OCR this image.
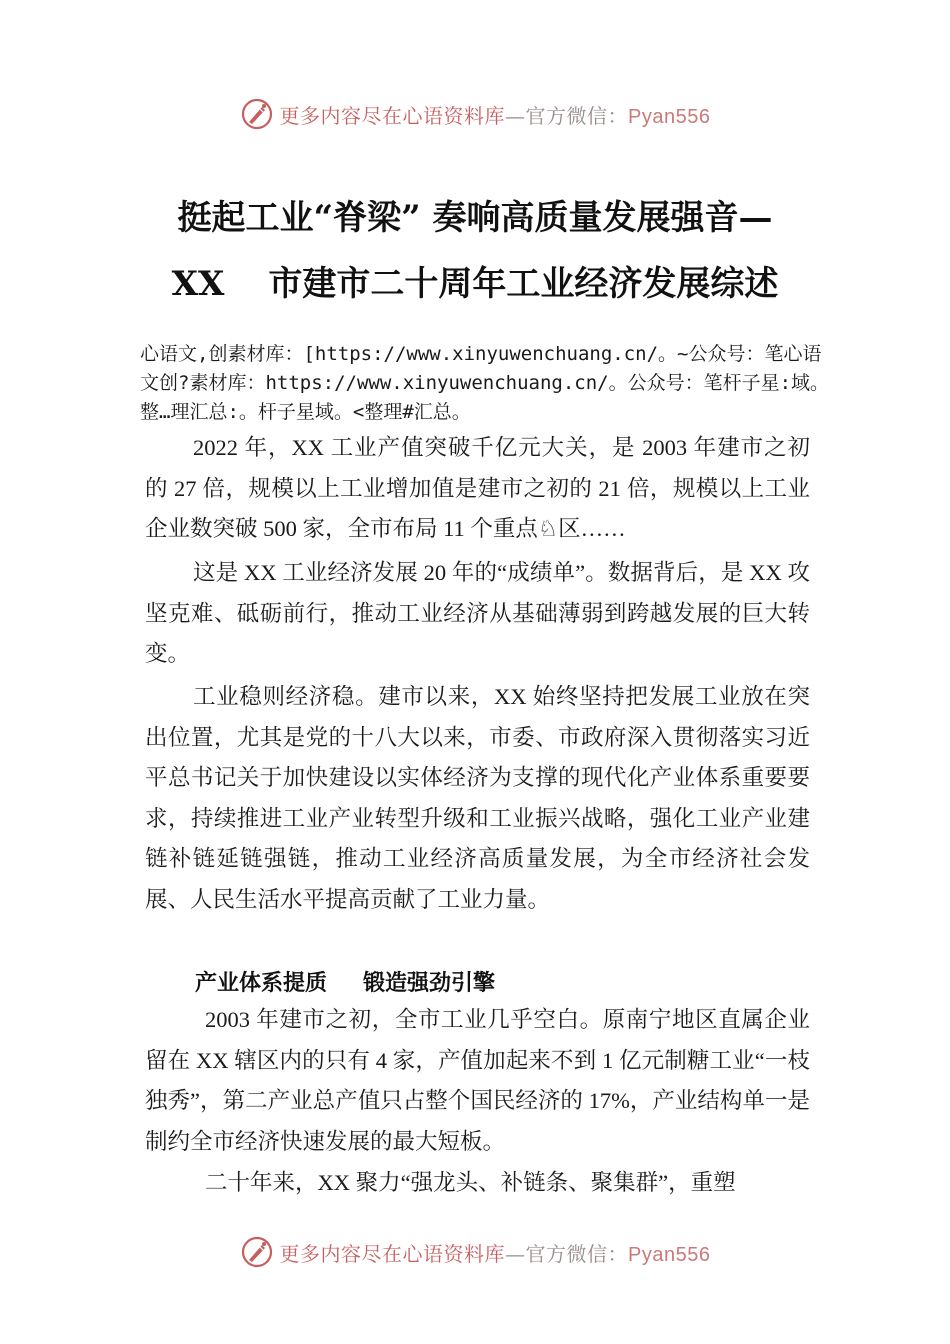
更多内容尽在心语资料库—官方微信：Pyan556
挺起工业“脊梁” 奏响高质量发展强音—
XX 市建市二十周年工业经济发展综述
心语文,创素材库：[https://www.xinyuwenchuang.cn/。~公众号：笔心语文创?素材库：https://www.xinyuwenchuang.cn/。公众号：笔杆子星:域。整…理汇总:。杆子星域。<整理#汇总。
2022 年，XX 工业产值突破千亿元大关，是 2003 年建市之初的 27 倍，规模以上工业增加值是建市之初的 21 倍，规模以上工业企业数突破 500 家，全市布局 11 个重点♘区……
这是 XX 工业经济发展 20 年的“成绩单”。数据背后，是 XX 攻坚克难、砥砺前行，推动工业经济从基础薄弱到跨越发展的巨大转变。
工业稳则经济稳。建市以来，XX 始终坚持把发展工业放在突出位置，尤其是党的十八大以来，市委、市政府深入贯彻落实习近平总书记关于加快建设以实体经济为支撑的现代化产业体系重要要求，持续推进工业产业转型升级和工业振兴战略，强化工业产业建链补链延链强链，推动工业经济高质量发展，为全市经济社会发展、人民生活水平提高贡献了工业力量。
产业体系提质 锻造强劲引擎
2003 年建市之初，全市工业几乎空白。原南宁地区直属企业留在 XX 辖区内的只有 4 家，产值加起来不到 1 亿元制糖工业“一枝独秀”，第二产业总产值只占整个国民经济的 17%，产业结构单一是制约全市经济快速发展的最大短板。
二十年来，XX 聚力“强龙头、补链条、聚集群”，重塑
更多内容尽在心语资料库—官方微信：Pyan556
